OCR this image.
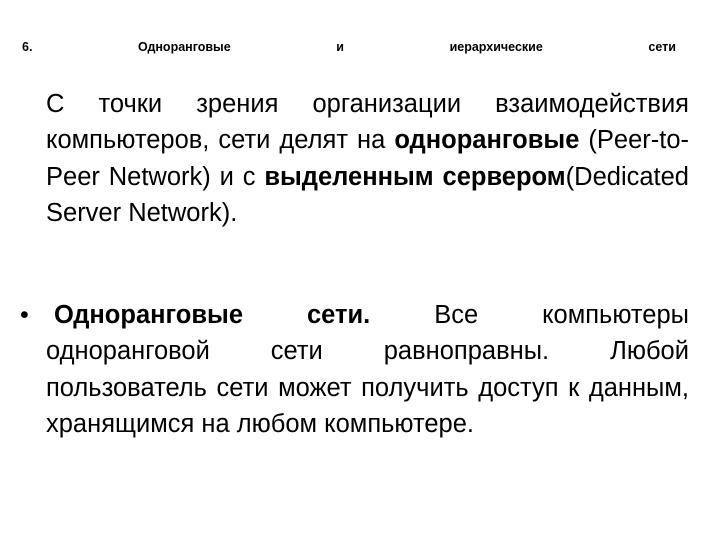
6.	Одноранговые	и	иерархические	сети
С точки зрения организации взаимодействия компьютеров, сети делят на одноранговые (Peer-to-Peer Network) и с выделенным сервером(Dedicated Server Network).
• Одноранговые сети. Все компьютеры одноранговой сети равноправны. Любой пользователь сети может получить доступ к данным, хранящимся на любом компьютере.
